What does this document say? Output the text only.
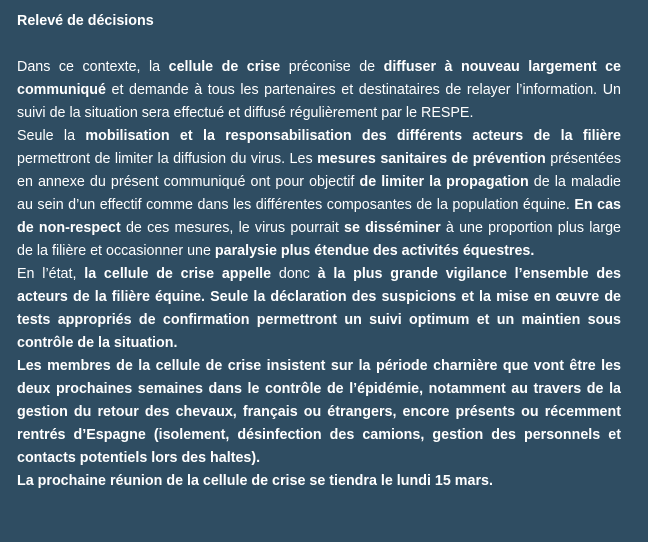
Relevé de décisions

Dans ce contexte, la cellule de crise préconise de diffuser à nouveau largement ce communiqué et demande à tous les partenaires et destinataires de relayer l’information. Un suivi de la situation sera effectué et diffusé régulièrement par le RESPE.

Seule la mobilisation et la responsabilisation des différents acteurs de la filière permettront de limiter la diffusion du virus. Les mesures sanitaires de prévention présentées en annexe du présent communiqué ont pour objectif de limiter la propagation de la maladie au sein d’un effectif comme dans les différentes composantes de la population équine. En cas de non-respect de ces mesures, le virus pourrait se disséminer à une proportion plus large de la filière et occasionner une paralysie plus étendue des activités équestres.

En l’état, la cellule de crise appelle donc à la plus grande vigilance l’ensemble des acteurs de la filière équine. Seule la déclaration des suspicions et la mise en œuvre de tests appropriés de confirmation permettront un suivi optimum et un maintien sous contrôle de la situation.

Les membres de la cellule de crise insistent sur la période charnière que vont être les deux prochaines semaines dans le contrôle de l’épidémie, notamment au travers de la gestion du retour des chevaux, français ou étrangers, encore présents ou récemment rentrés d’Espagne (isolement, désinfection des camions, gestion des personnels et contacts potentiels lors des haltes).

La prochaine réunion de la cellule de crise se tiendra le lundi 15 mars.
